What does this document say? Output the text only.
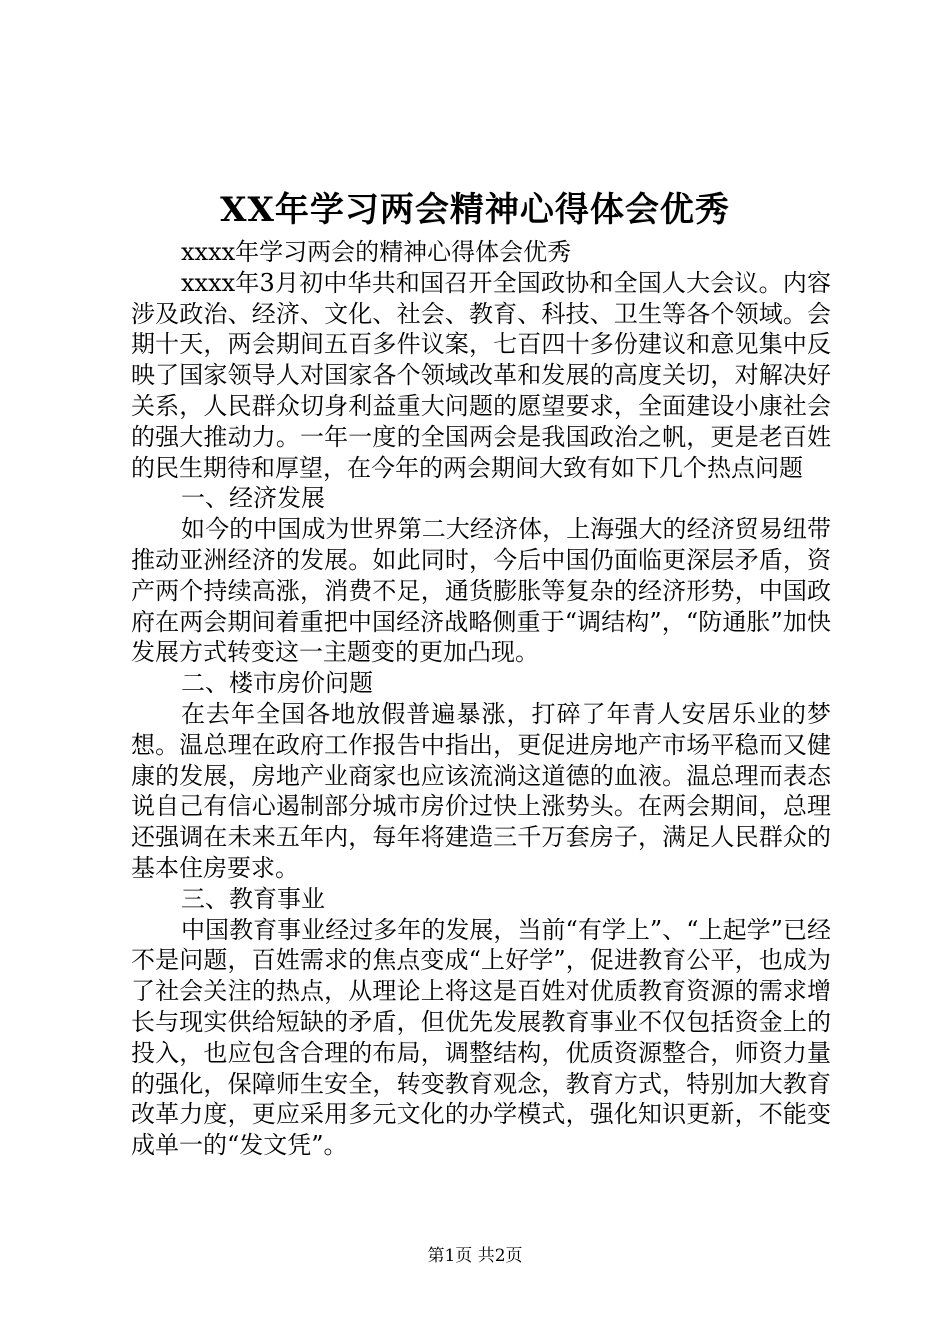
XX年学习两会精神心得体会优秀

xxxx年学习两会的精神心得体会优秀

xxxx年3月初中华共和国召开全国政协和全国人大会议。内容涉及政治、经济、文化、社会、教育、科技、卫生等各个领域。会期十天，两会期间五百多件议案，七百四十多份建议和意见集中反映了国家领导人对国家各个领域改革和发展的高度关切，对解决好关系，人民群众切身利益重大问题的愿望要求，全面建设小康社会的强大推动力。一年一度的全国两会是我国政治之帆，更是老百姓的民生期待和厚望，在今年的两会期间大致有如下几个热点问题

一、经济发展

如今的中国成为世界第二大经济体，上海强大的经济贸易纽带推动亚洲经济的发展。如此同时，今后中国仍面临更深层矛盾，资产两个持续高涨，消费不足，通货膨胀等复杂的经济形势，中国政府在两会期间着重把中国经济战略侧重于“调结构”，“防通胀”加快发展方式转变这一主题变的更加凸现。

二、楼市房价问题

在去年全国各地放假普遍暴涨，打碎了年青人安居乐业的梦想。温总理在政府工作报告中指出，更促进房地产市场平稳而又健康的发展，房地产业商家也应该流淌这道德的血液。温总理而表态说自己有信心遏制部分城市房价过快上涨势头。在两会期间，总理还强调在未来五年内，每年将建造三千万套房子，满足人民群众的基本住房要求。

三、教育事业

中国教育事业经过多年的发展，当前“有学上”、“上起学”已经不是问题，百姓需求的焦点变成“上好学”，促进教育公平，也成为了社会关注的热点，从理论上将这是百姓对优质教育资源的需求增长与现实供给短缺的矛盾，但优先发展教育事业不仅包括资金上的投入，也应包含合理的布局，调整结构，优质资源整合，师资力量的强化，保障师生安全，转变教育观念，教育方式，特别加大教育改革力度，更应采用多元文化的办学模式，强化知识更新，不能变成单一的“发文凭”。

第1页 共2页
